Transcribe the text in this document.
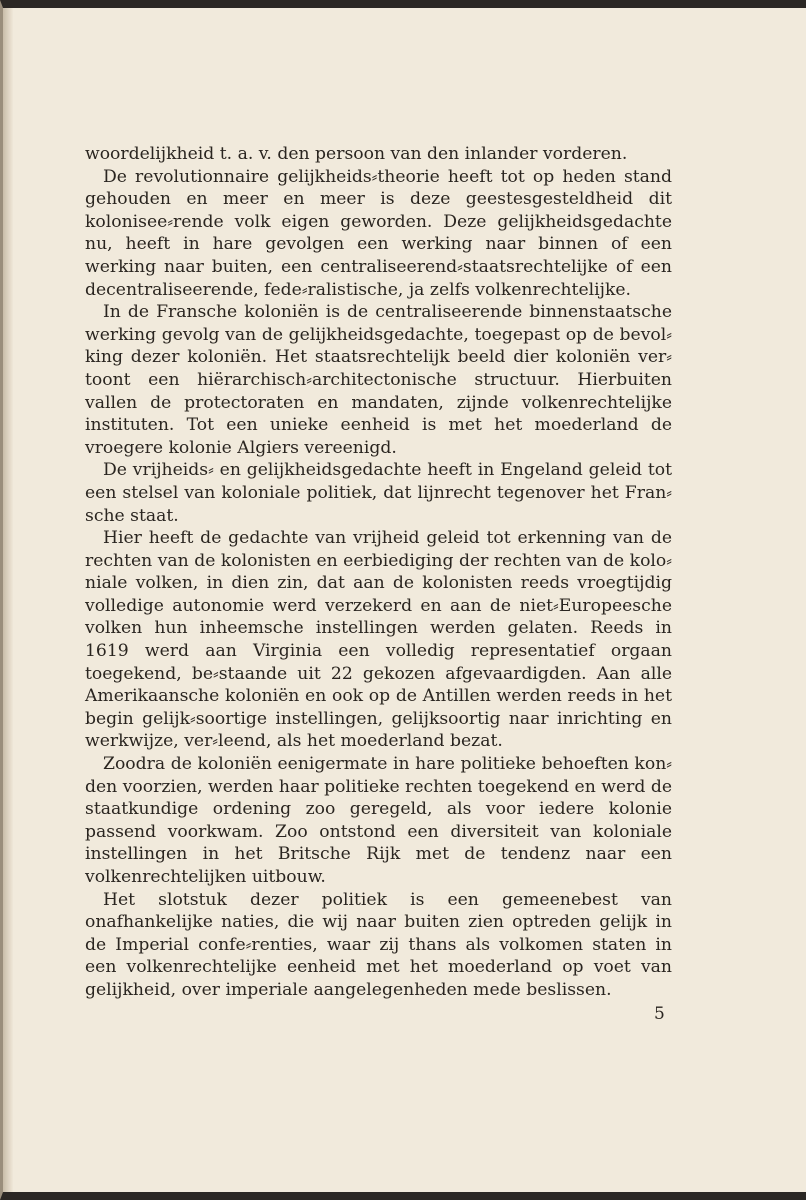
woordelijkheid t. a. v. den persoon van den inlander vorderen.

De revolutionnaire gelijkheids⸗theorie heeft tot op heden stand gehouden en meer en meer is deze geestesgesteldheid dit kolonisee⸗rende volk eigen geworden. Deze gelijkheidsgedachte nu, heeft in hare gevolgen een werking naar binnen of een werking naar buiten, een centraliseerend⸗staatsrechtelijke of een decentraliseerende, fede⸗ralistische, ja zelfs volkenrechtelijke.

In de Fransche koloniën is de centraliseerende binnenstaatsche werking gevolg van de gelijkheidsgedachte, toegepast op de bevol⸗king dezer koloniën. Het staatsrechtelijk beeld dier koloniën ver⸗toont een hiërarchisch⸗architectonische structuur. Hierbuiten vallen de protectoraten en mandaten, zijnde volkenrechtelijke instituten. Tot een unieke eenheid is met het moederland de vroegere kolonie Algiers vereenigd.

De vrijheids⸗ en gelijkheidsgedachte heeft in Engeland geleid tot een stelsel van koloniale politiek, dat lijnrecht tegenover het Fran⸗sche staat.

Hier heeft de gedachte van vrijheid geleid tot erkenning van de rechten van de kolonisten en eerbiediging der rechten van de kolo⸗niale volken, in dien zin, dat aan de kolonisten reeds vroegtijdig volledige autonomie werd verzekerd en aan de niet⸗Europeesche volken hun inheemsche instellingen werden gelaten. Reeds in 1619 werd aan Virginia een volledig representatief orgaan toegekend, be⸗staande uit 22 gekozen afgevaardigden. Aan alle Amerikaansche koloniën en ook op de Antillen werden reeds in het begin gelijk⸗soortige instellingen, gelijksoortig naar inrichting en werkwijze, ver⸗leend, als het moederland bezat.

Zoodra de koloniën eenigermate in hare politieke behoeften kon⸗den voorzien, werden haar politieke rechten toegekend en werd de staatkundige ordening zoo geregeld, als voor iedere kolonie passend voorkwam. Zoo ontstond een diversiteit van koloniale instellingen in het Britsche Rijk met de tendenz naar een volkenrechtelijken uitbouw.

Het slotstuk dezer politiek is een gemeenebest van onafhankelijke naties, die wij naar buiten zien optreden gelijk in de Imperial confe⸗renties, waar zij thans als volkomen staten in een volkenrechtelijke eenheid met het moederland op voet van gelijkheid, over imperiale aangelegenheden mede beslissen.

5
